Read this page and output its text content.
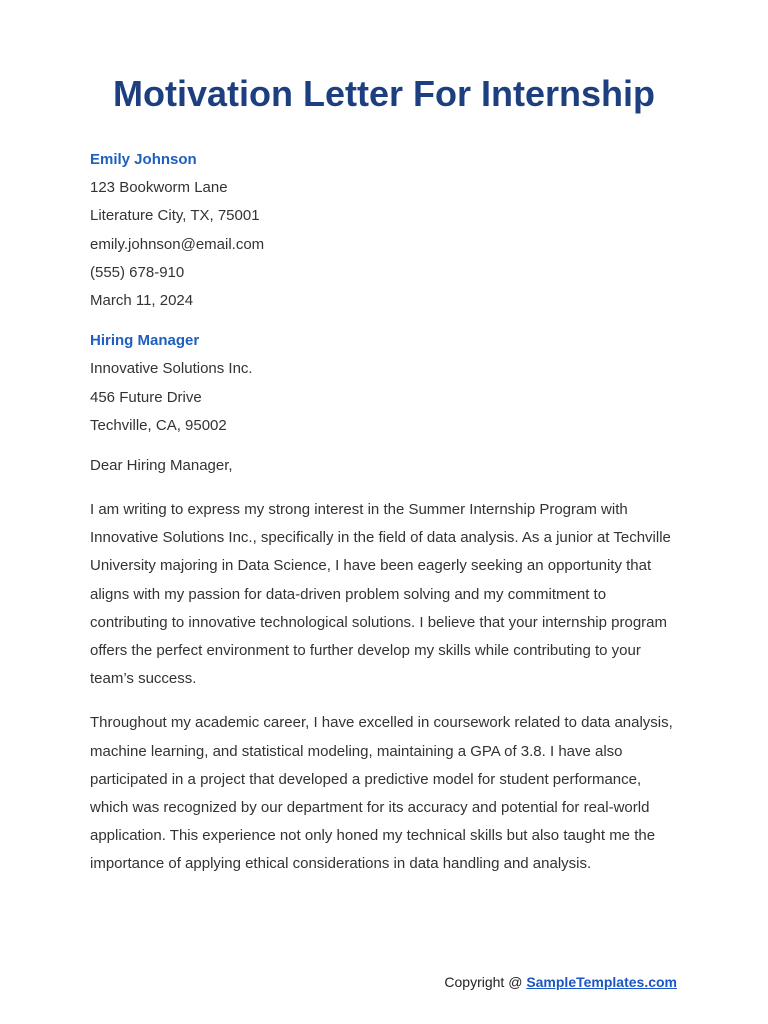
Motivation Letter For Internship
Emily Johnson
123 Bookworm Lane
Literature City, TX, 75001
emily.johnson@email.com
(555) 678-910
March 11, 2024
Hiring Manager
Innovative Solutions Inc.
456 Future Drive
Techville, CA, 95002
Dear Hiring Manager,
I am writing to express my strong interest in the Summer Internship Program with
Innovative Solutions Inc., specifically in the field of data analysis. As a junior at Techville
University majoring in Data Science, I have been eagerly seeking an opportunity that
aligns with my passion for data-driven problem solving and my commitment to
contributing to innovative technological solutions. I believe that your internship program
offers the perfect environment to further develop my skills while contributing to your
team’s success.
Throughout my academic career, I have excelled in coursework related to data analysis,
machine learning, and statistical modeling, maintaining a GPA of 3.8. I have also
participated in a project that developed a predictive model for student performance,
which was recognized by our department for its accuracy and potential for real-world
application. This experience not only honed my technical skills but also taught me the
importance of applying ethical considerations in data handling and analysis.
Copyright @ SampleTemplates.com
